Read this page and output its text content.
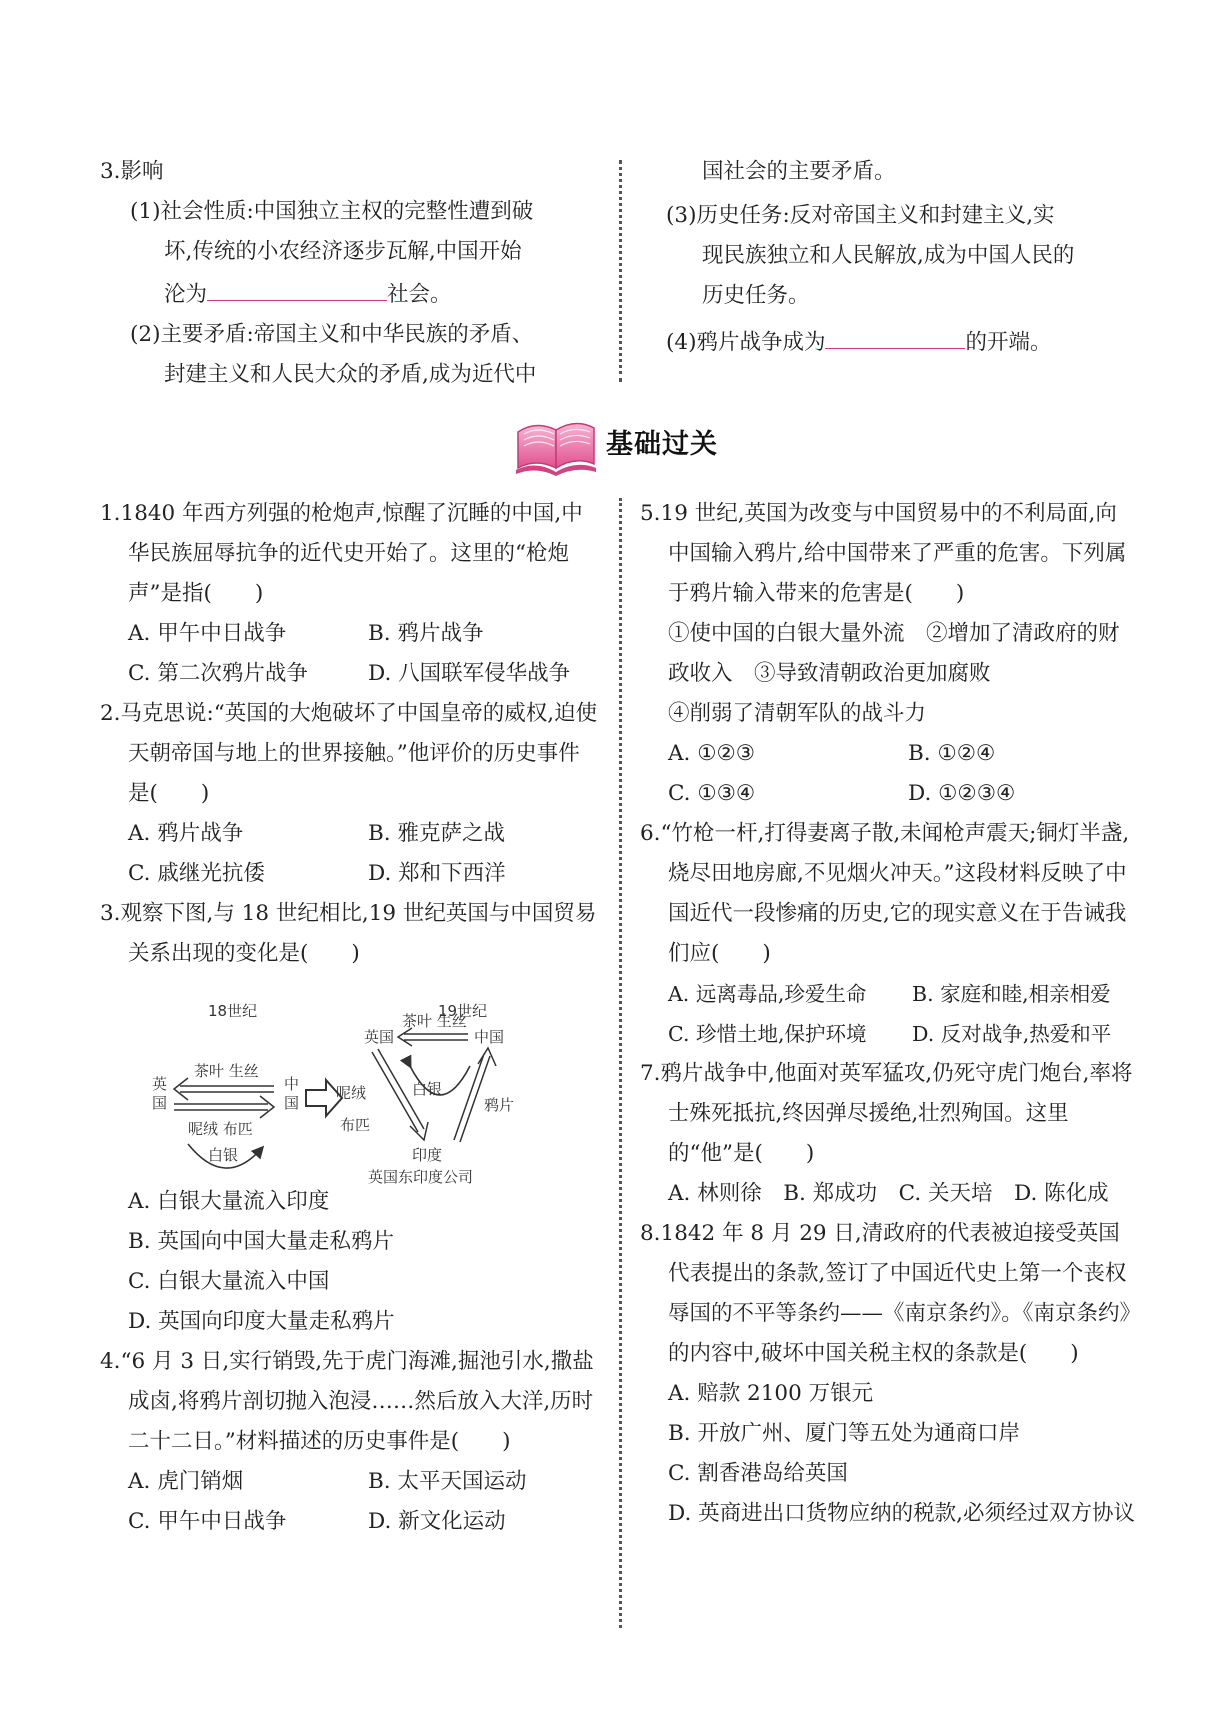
3.影响

(1)社会性质:中国独立主权的完整性遭到破

坏,传统的小农经济逐步瓦解,中国开始

沦为	社会。

(2)主要矛盾:帝国主义和中华民族的矛盾、

封建主义和人民大众的矛盾,成为近代中

国社会的主要矛盾。

(3)历史任务:反对帝国主义和封建主义,实

现民族独立和人民解放,成为中国人民的

历史任务。

(4)鸦片战争成为	的开端。

基础过关

1.1840 年西方列强的枪炮声,惊醒了沉睡的中国,中华民族屈辱抗争的近代史开始了。这里的“枪炮声”是指(　　)

A. 甲午中日战争	B. 鸦片战争
C. 第二次鸦片战争	D. 八国联军侵华战争

2.马克思说:“英国的大炮破坏了中国皇帝的威权,迫使天朝帝国与地上的世界接触。”他评价的历史事件是(　　)

A. 鸦片战争	B. 雅克萨之战
C. 戚继光抗倭	D. 郑和下西洋

3.观察下图,与 18 世纪相比,19 世纪英国与中国贸易关系出现的变化是(　　)

A. 白银大量流入印度

B. 英国向中国大量走私鸦片

C. 白银大量流入中国

D. 英国向印度大量走私鸦片

4.“6 月 3 日,实行销毁,先于虎门海滩,掘池引水,撒盐成卤,将鸦片剖切抛入泡浸……然后放入大洋,历时二十二日。”材料描述的历史事件是(　　)

A. 虎门销烟	B. 太平天国运动
C. 甲午中日战争	D. 新文化运动
18世纪	19世纪
英
国
中
国
茶叶 生丝
呢绒 布匹
白银
英国	中国
茶叶 生丝
呢绒
布匹
白银
鸦片
印度
英国东印度公司

5.19 世纪,英国为改变与中国贸易中的不利局面,向中国输入鸦片,给中国带来了严重的危害。下列属于鸦片输入带来的危害是(　　)

①使中国的白银大量外流　②增加了清政府的财政收入　③导致清朝政治更加腐败

④削弱了清朝军队的战斗力

A. ①②③	B. ①②④
C. ①③④	D. ①②③④

6.“竹枪一杆,打得妻离子散,未闻枪声震天;铜灯半盏,烧尽田地房廊,不见烟火冲天。”这段材料反映了中国近代一段惨痛的历史,它的现实意义在于告诫我们应(　　)

A. 远离毒品,珍爱生命	B. 家庭和睦,相亲相爱
C. 珍惜土地,保护环境	D. 反对战争,热爱和平

7.鸦片战争中,他面对英军猛攻,仍死守虎门炮台,率将士殊死抵抗,终因弹尽援绝,壮烈殉国。这里的“他”是(　　)

A. 林则徐　B. 郑成功　C. 关天培　D. 陈化成

8.1842 年 8 月 29 日,清政府的代表被迫接受英国代表提出的条款,签订了中国近代史上第一个丧权辱国的不平等条约——《南京条约》。《南京条约》的内容中,破坏中国关税主权的条款是(　　)

A. 赔款 2100 万银元

B. 开放广州、厦门等五处为通商口岸

C. 割香港岛给英国

D. 英商进出口货物应纳的税款,必须经过双方协议
